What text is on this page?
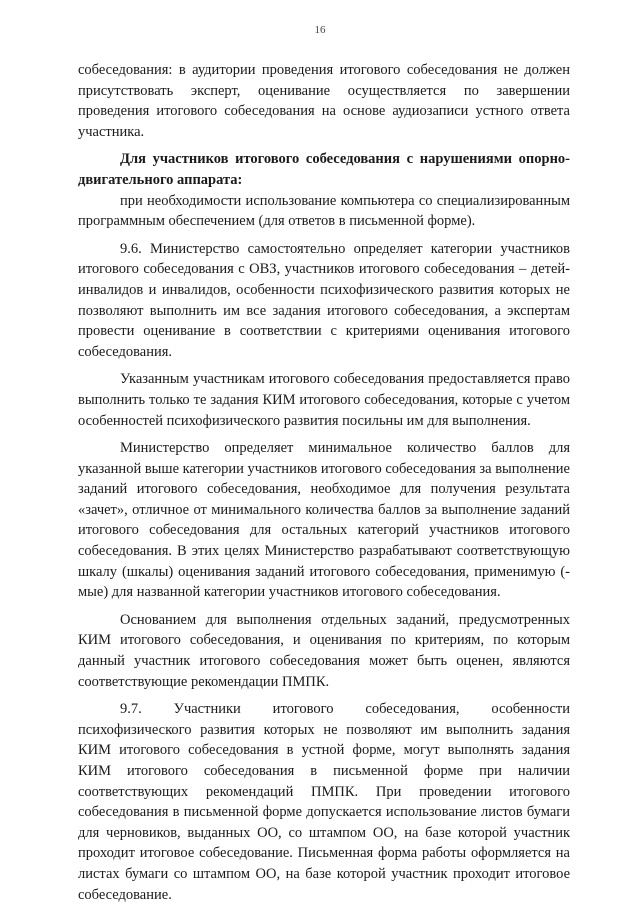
16

собеседования: в аудитории проведения итогового собеседования не должен присутствовать эксперт, оценивание осуществляется по завершении проведения итогового собеседования на основе аудиозаписи устного ответа участника.

Для участников итогового собеседования с нарушениями опорно-двигательного аппарата:

при необходимости использование компьютера со специализированным программным обеспечением (для ответов в письменной форме).

9.6. Министерство самостоятельно определяет категории участников итогового собеседования с ОВЗ, участников итогового собеседования – детей-инвалидов и инвалидов, особенности психофизического развития которых не позволяют выполнить им все задания итогового собеседования, а экспертам провести оценивание в соответствии с критериями оценивания итогового собеседования.

Указанным участникам итогового собеседования предоставляется право выполнить только те задания КИМ итогового собеседования, которые с учетом особенностей психофизического развития посильны им для выполнения.

Министерство определяет минимальное количество баллов для указанной выше категории участников итогового собеседования за выполнение заданий итогового собеседования, необходимое для получения результата «зачет», отличное от минимального количества баллов за выполнение заданий итогового собеседования для остальных категорий участников итогового собеседования. В этих целях Министерство разрабатывают соответствующую шкалу (шкалы) оценивания заданий итогового собеседования, применимую (-мые) для названной категории участников итогового собеседования.

Основанием для выполнения отдельных заданий, предусмотренных КИМ итогового собеседования, и оценивания по критериям, по которым данный участник итогового собеседования может быть оценен, являются соответствующие рекомендации ПМПК.

9.7. Участники итогового собеседования, особенности психофизического развития которых не позволяют им выполнить задания КИМ итогового собеседования в устной форме, могут выполнять задания КИМ итогового собеседования в письменной форме при наличии соответствующих рекомендаций ПМПК. При проведении итогового собеседования в письменной форме допускается использование листов бумаги для черновиков, выданных ОО, со штампом ОО, на базе которой участник проходит итоговое собеседование. Письменная форма работы оформляется на листах бумаги со штампом ОО, на базе которой участник проходит итоговое собеседование.
